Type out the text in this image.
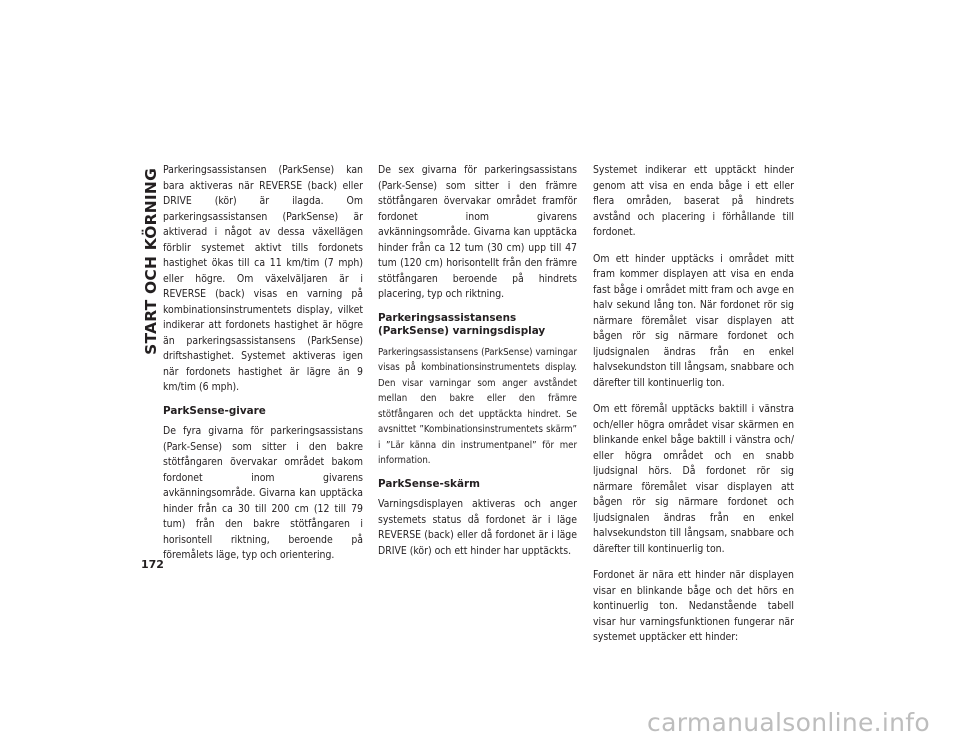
START OCH KÖRNING
172

Parkeringsassistansen (ParkSense) kan bara aktiveras när REVERSE (back) eller DRIVE (kör) är ilagda. Om parkeringsassistansen (ParkSense) är aktiverad i något av dessa växellägen förblir systemet aktivt tills fordonets hastighet ökas till ca 11 km/tim (7 mph) eller högre. Om växelväljaren är i REVERSE (back) visas en varning på kombinationsinstrumentets display, vilket indikerar att fordonets hastighet är högre än parkeringsassistansens (ParkSense) driftshastighet. Systemet aktiveras igen när fordonets hastighet är lägre än 9 km/tim (6 mph).

ParkSense-givare

De fyra givarna för parkeringsassistans (Park-Sense) som sitter i den bakre stötfångaren övervakar området bakom fordonet inom givarens avkänningsområde. Givarna kan upptäcka hinder från ca 30 till 200 cm (12 till 79 tum) från den bakre stötfångaren i horisontell riktning, beroende på föremålets läge, typ och orientering.

De sex givarna för parkeringsassistans (Park-Sense) som sitter i den främre stötfångaren övervakar området framför fordonet inom givarens avkänningsområde. Givarna kan upptäcka hinder från ca 12 tum (30 cm) upp till 47 tum (120 cm) horisontellt från den främre stötfångaren beroende på hindrets placering, typ och riktning.

Parkeringsassistansens (ParkSense) varningsdisplay

Parkeringsassistansens (ParkSense) varningar visas på kombinationsinstrumentets display. Den visar varningar som anger avståndet mellan den bakre eller den främre stötfångaren och det upptäckta hindret. Se avsnittet ”Kombinationsinstrumentets skärm” i ”Lär känna din instrumentpanel” för mer information.

ParkSense-skärm

Varningsdisplayen aktiveras och anger systemets status då fordonet är i läge REVERSE (back) eller då fordonet är i läge DRIVE (kör) och ett hinder har upptäckts.

Systemet indikerar ett upptäckt hinder genom att visa en enda båge i ett eller flera områden, baserat på hindrets avstånd och placering i förhållande till fordonet.

Om ett hinder upptäcks i området mitt fram kommer displayen att visa en enda fast båge i området mitt fram och avge en halv sekund lång ton. När fordonet rör sig närmare föremålet visar displayen att bågen rör sig närmare fordonet och ljudsignalen ändras från en enkel halvsekundston till långsam, snabbare och därefter till kontinuerlig ton.

Om ett föremål upptäcks baktill i vänstra och/eller högra området visar skärmen en blinkande enkel båge baktill i vänstra och/ eller högra området och en snabb ljudsignal hörs. Då fordonet rör sig närmare föremålet visar displayen att bågen rör sig närmare fordonet och ljudsignalen ändras från en enkel halvsekundston till långsam, snabbare och därefter till kontinuerlig ton.

Fordonet är nära ett hinder när displayen visar en blinkande båge och det hörs en kontinuerlig ton. Nedanstående tabell visar hur varningsfunktionen fungerar när systemet upptäcker ett hinder:

carmanualsonline.info
